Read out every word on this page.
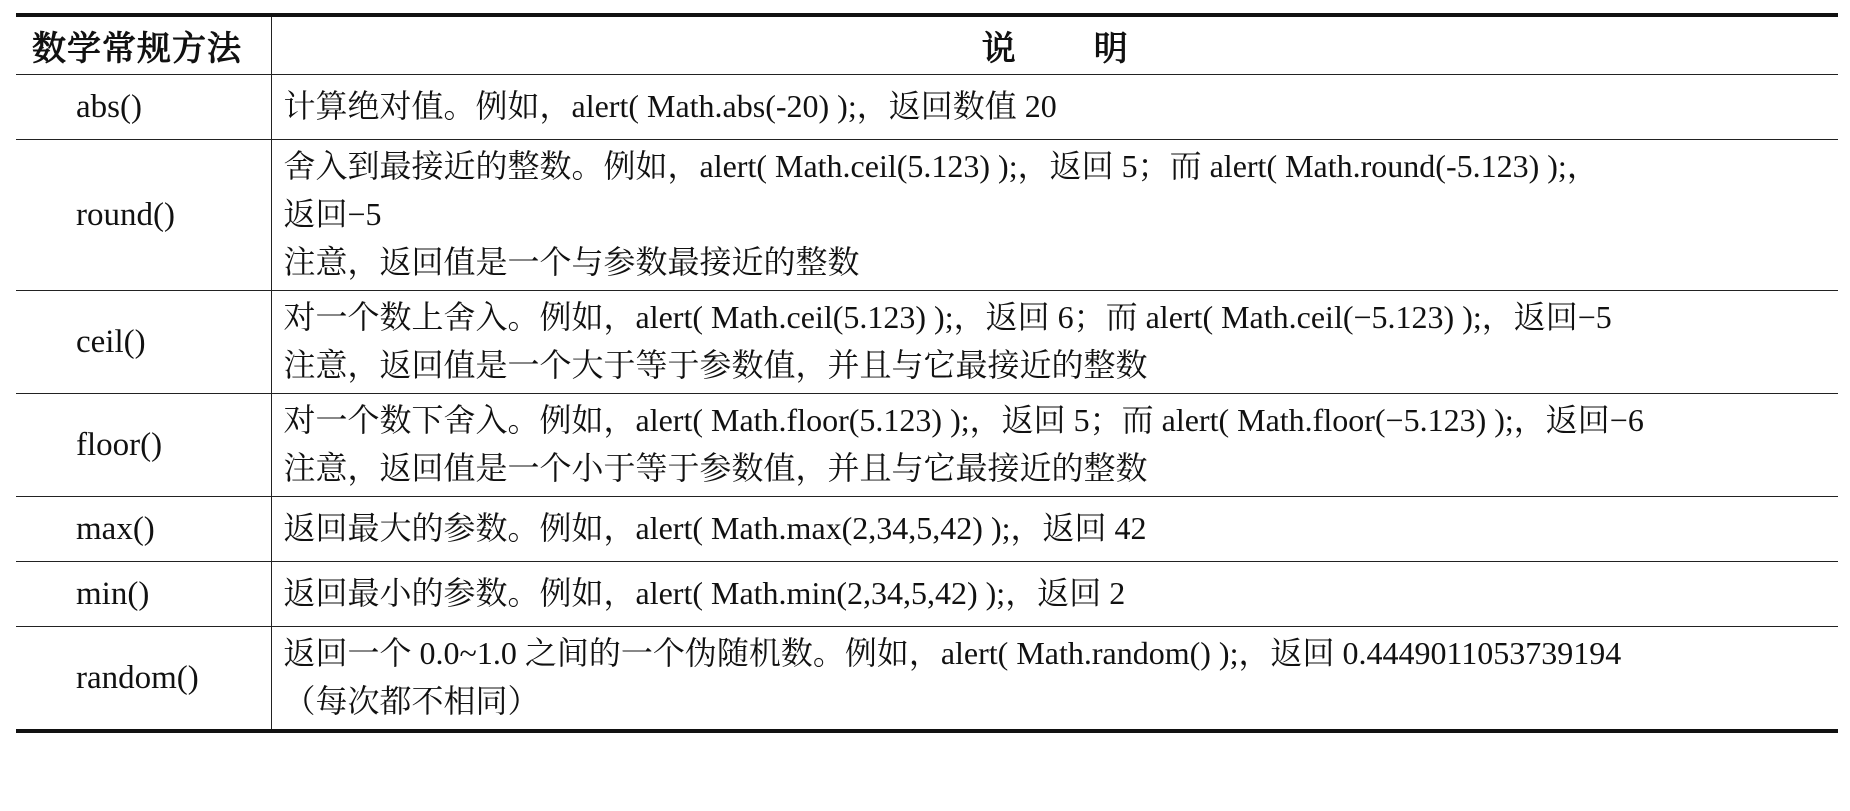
数学常规方法	说 明
abs()	计算绝对值。例如，alert( Math.abs(-20) );，返回数值 20

round()	舍入到最接近的整数。例如，alert( Math.ceil(5.123) );，返回 5；而 alert( Math.round(-5.123) );，
返回−5
注意，返回值是一个与参数最接近的整数

ceil()	对一个数上舍入。例如，alert( Math.ceil(5.123) );，返回 6；而 alert( Math.ceil(−5.123) );，返回−5
注意，返回值是一个大于等于参数值，并且与它最接近的整数

floor()	对一个数下舍入。例如，alert( Math.floor(5.123) );，返回 5；而 alert( Math.floor(−5.123) );，返回−6
注意，返回值是一个小于等于参数值，并且与它最接近的整数

max()	返回最大的参数。例如，alert( Math.max(2,34,5,42) );，返回 42

min()	返回最小的参数。例如，alert( Math.min(2,34,5,42) );，返回 2

random()	返回一个 0.0~1.0 之间的一个伪随机数。例如，alert( Math.random() );，返回 0.4449011053739194
（每次都不相同）
